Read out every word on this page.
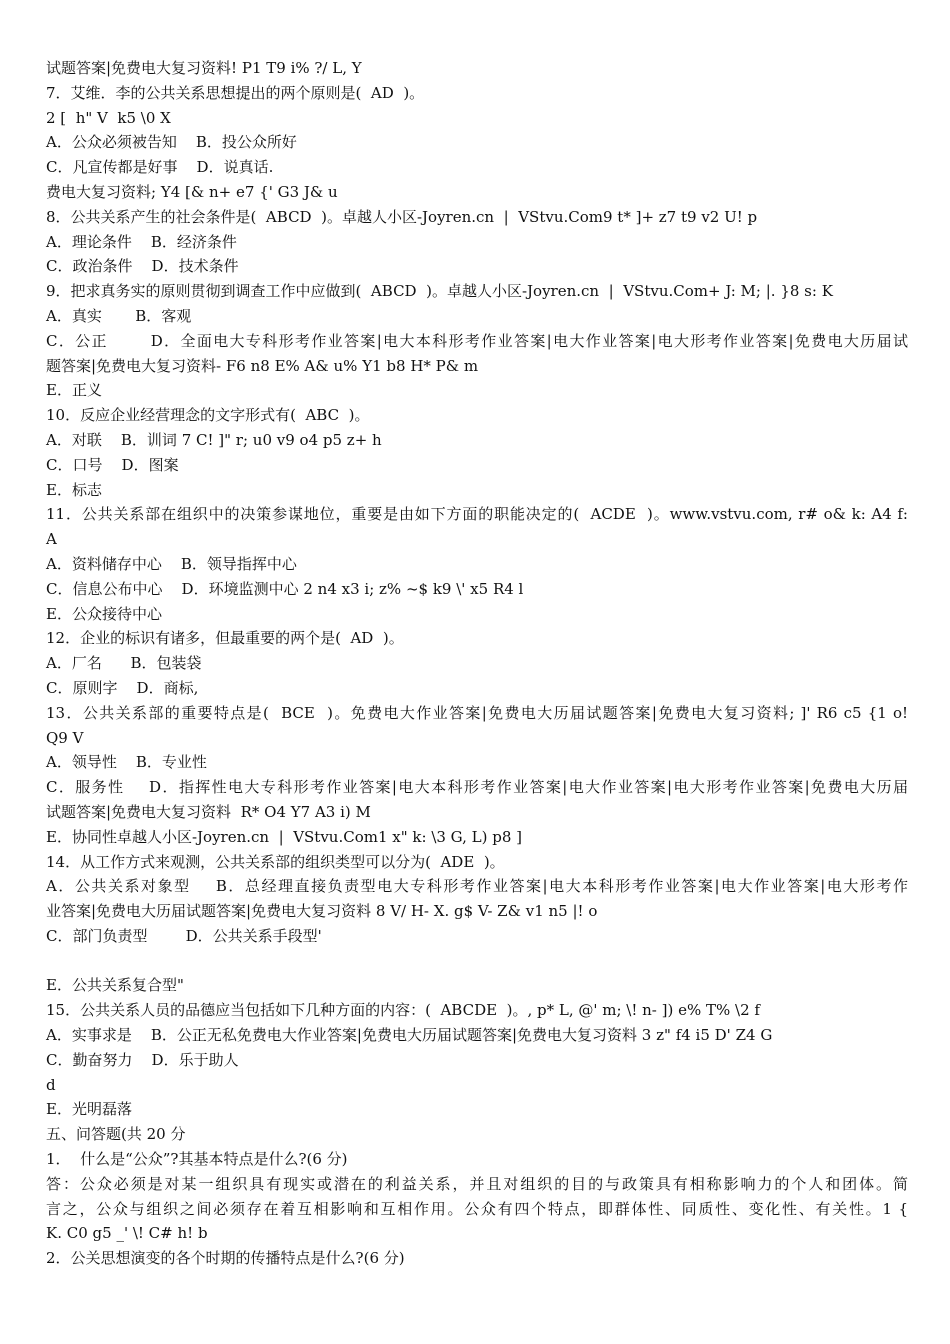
试题答案|免费电大复习资料! P1 T9 i% ?/ L, Y
7．艾维．李的公共关系思想提出的两个原则是(  AD  )。
2 [  h" V  k5 \0 X
A．公众必须被告知    B．投公众所好
C．凡宣传都是好事    D．说真话.
费电大复习资料; Y4 [& n+ e7 {' G3 J& u
8．公共关系产生的社会条件是(  ABCD  )。卓越人小区-Joyren.cn  |  VStvu.Com9 t* ]+ z7 t9 v2 U! p
A．理论条件    B．经济条件
C．政治条件    D．技术条件
9．把求真务实的原则贯彻到调查工作中应做到(  ABCD  )。卓越人小区-Joyren.cn  |  VStvu.Com+ J: M; |. }8 s: K
A．真实       B．客观
C．公正       D．全面电大专科形考作业答案|电大本科形考作业答案|电大作业答案|电大形考作业答案|免费电大历届试
题答案|免费电大复习资料- F6 n8 E% A& u% Y1 b8 H* P& m
E．正义
10．反应企业经营理念的文字形式有(  ABC  )。
A．对联    B．训词 7 C! ]" r; u0 v9 o4 p5 z+ h
C．口号    D．图案
E．标志
11．公共关系部在组织中的决策参谋地位，重要是由如下方面的职能决定的(  ACDE  )。www.vstvu.com, r# o& k: A4 f:
A
A．资料储存中心    B．领导指挥中心
C．信息公布中心    D．环境监测中心 2 n4 x3 i; z% ~$ k9 \' x5 R4 l
E．公众接待中心
12．企业的标识有诸多，但最重要的两个是(  AD  )。
A．厂名      B．包装袋
C．原则字    D．商标,
13．公共关系部的重要特点是(  BCE  )。免费电大作业答案|免费电大历届试题答案|免费电大复习资料; ]' R6 c5 {1 o!
Q9 V
A．领导性    B．专业性
C．服务性    D．指挥性电大专科形考作业答案|电大本科形考作业答案|电大作业答案|电大形考作业答案|免费电大历届
试题答案|免费电大复习资料  R* O4 Y7 A3 i) M
E．协同性卓越人小区-Joyren.cn  |  VStvu.Com1 x" k: \3 G, L) p8 ]
14．从工作方式来观测，公共关系部的组织类型可以分为(  ADE  )。
A．公共关系对象型    B．总经理直接负责型电大专科形考作业答案|电大本科形考作业答案|电大作业答案|电大形考作
业答案|免费电大历届试题答案|免费电大复习资料 8 V/ H- X. g$ V- Z& v1 n5 |! o
C．部门负责型        D．公共关系手段型'
E．公共关系复合型"
15．公共关系人员的品德应当包括如下几种方面的内容：(  ABCDE  )。, p* L, @' m; \! n- ]) e% T% \2 f
A．实事求是    B．公正无私免费电大作业答案|免费电大历届试题答案|免费电大复习资料 3 z" f4 i5 D' Z4 G
C．勤奋努力    D．乐于助人
d
E．光明磊落
五、问答题(共 20 分
1．  什么是“公众”?其基本特点是什么?(6 分)
答：公众必须是对某一组织具有现实或潜在的利益关系，并且对组织的目的与政策具有相称影响力的个人和团体。简
言之，公众与组织之间必须存在着互相影响和互相作用。公众有四个特点，即群体性、同质性、变化性、有关性。1 {
K. C0 g5 _' \! C# h! b
2．公关思想演变的各个时期的传播特点是什么?(6 分)
